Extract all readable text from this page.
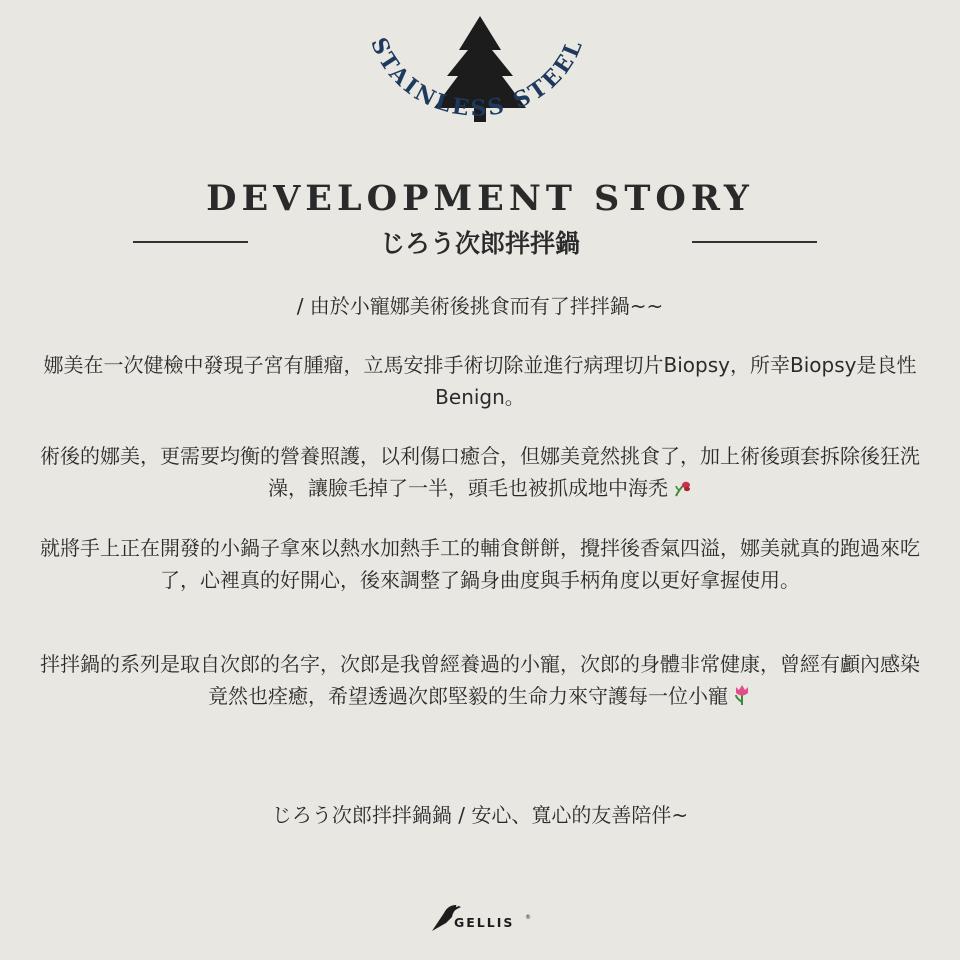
STAINLESS STEEL
DEVELOPMENT STORY
じろう次郎拌拌鍋

/ 由於小寵娜美術後挑食而有了拌拌鍋~~

娜美在一次健檢中發現子宮有腫瘤，立馬安排手術切除並進行病理切片Biopsy，所幸Biopsy是良性Benign。

術後的娜美，更需要均衡的營養照護，以利傷口癒合，但娜美竟然挑食了，加上術後頭套拆除後狂洗澡，讓臉毛掉了一半，頭毛也被抓成地中海禿

就將手上正在開發的小鍋子拿來以熱水加熱手工的輔食餅餅，攪拌後香氣四溢，娜美就真的跑過來吃了，心裡真的好開心，後來調整了鍋身曲度與手柄角度以更好拿握使用。

拌拌鍋的系列是取自次郎的名字，次郎是我曾經養過的小寵，次郎的身體非常健康，曾經有顱內感染竟然也痊癒，希望透過次郎堅毅的生命力來守護每一位小寵

じろう次郎拌拌鍋鍋 / 安心、寬心的友善陪伴~

GELLIS ®
